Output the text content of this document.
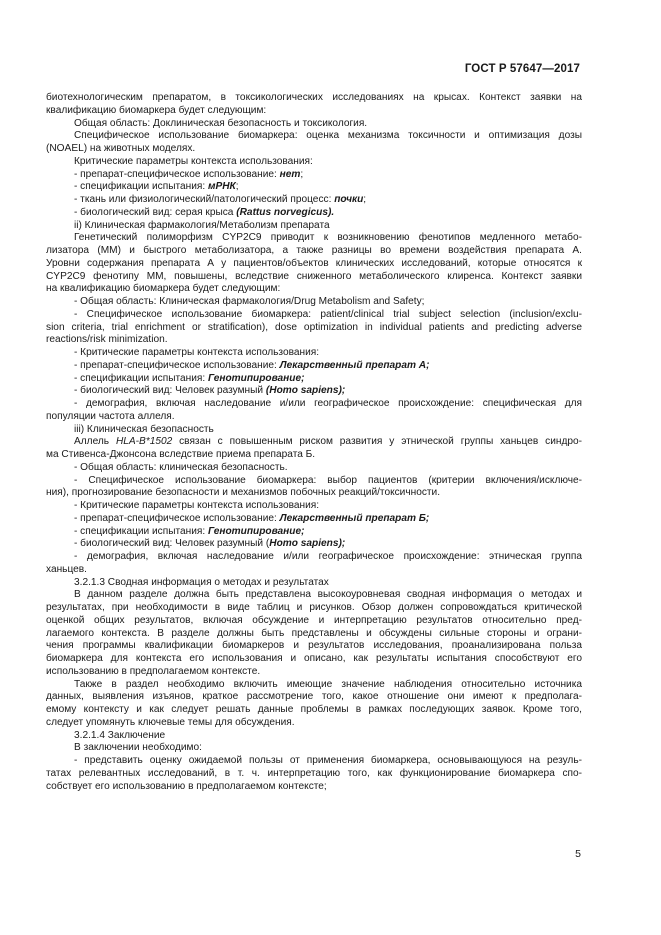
ГОСТ Р 57647—2017
биотехнологическим препаратом, в токсикологических исследованиях на крысах. Контекст заявки на
квалификацию биомаркера будет следующим:
Общая область: Доклиническая безопасность и токсикология.
Специфическое использование биомаркера: оценка механизма токсичности и оптимизация дозы
(NOAEL) на животных моделях.
Критические параметры контекста использования:
- препарат-специфическое использование: нет;
- спецификации испытания: мРНК;
- ткань или физиологический/патологический процесс: почки;
- биологический вид: серая крыса (Rattus norvegicus).
ii) Клиническая фармакология/Метаболизм препарата
Генетический полиморфизм CYP2C9 приводит к возникновению фенотипов медленного метабо-
лизатора (ММ) и быстрого метаболизатора, а также разницы во времени воздействия препарата А.
Уровни содержания препарата А у пациентов/объектов клинических исследований, которые относятся к
CYP2C9 фенотипу ММ, повышены, вследствие сниженного метаболического клиренса. Контекст заявки
на квалификацию биомаркера будет следующим:
- Общая область: Клиническая фармакология/Drug Metabolism and Safety;
- Специфическое использование биомаркера: patient/clinical trial subject selection (inclusion/exclu-
sion criteria, trial enrichment or stratification), dose optimization in individual patients and predicting adverse
reactions/risk minimization.
- Критические параметры контекста использования:
- препарат-специфическое использование: Лекарственный препарат А;
- спецификации испытания: Генотипирование;
- биологический вид: Человек разумный (Homo sapiens);
- демография, включая наследование и/или географическое происхождение: специфическая для
популяции частота аллеля.
iii) Клиническая безопасность
Аллель HLA-B*1502 связан с повышенным риском развития у этнической группы ханьцев синдро-
ма Стивенса-Джонсона вследствие приема препарата Б.
- Общая область: клиническая безопасность.
- Специфическое использование биомаркера: выбор пациентов (критерии включения/исключе-
ния), прогнозирование безопасности и механизмов побочных реакций/токсичности.
- Критические параметры контекста использования:
- препарат-специфическое использование: Лекарственный препарат Б;
- спецификации испытания: Генотипирование;
- биологический вид: Человек разумный (Homo sapiens);
- демография, включая наследование и/или географическое происхождение: этническая группа
ханьцев.
3.2.1.3 Сводная информация о методах и результатах
В данном разделе должна быть представлена высокоуровневая сводная информация о методах и
результатах, при необходимости в виде таблиц и рисунков. Обзор должен сопровождаться критической
оценкой общих результатов, включая обсуждение и интерпретацию результатов относительно пред-
лагаемого контекста. В разделе должны быть представлены и обсуждены сильные стороны и ограни-
чения программы квалификации биомаркеров и результатов исследования, проанализирована польза
биомаркера для контекста его использования и описано, как результаты испытания способствуют его
использованию в предполагаемом контексте.
Также в раздел необходимо включить имеющие значение наблюдения относительно источника
данных, выявления изъянов, краткое рассмотрение того, какое отношение они имеют к предполага-
емому контексту и как следует решать данные проблемы в рамках последующих заявок. Кроме того,
следует упомянуть ключевые темы для обсуждения.
3.2.1.4 Заключение
В заключении необходимо:
- представить оценку ожидаемой пользы от применения биомаркера, основывающуюся на резуль-
татах релевантных исследований, в т. ч. интерпретацию того, как функционирование биомаркера спо-
собствует его использованию в предполагаемом контексте;
5
